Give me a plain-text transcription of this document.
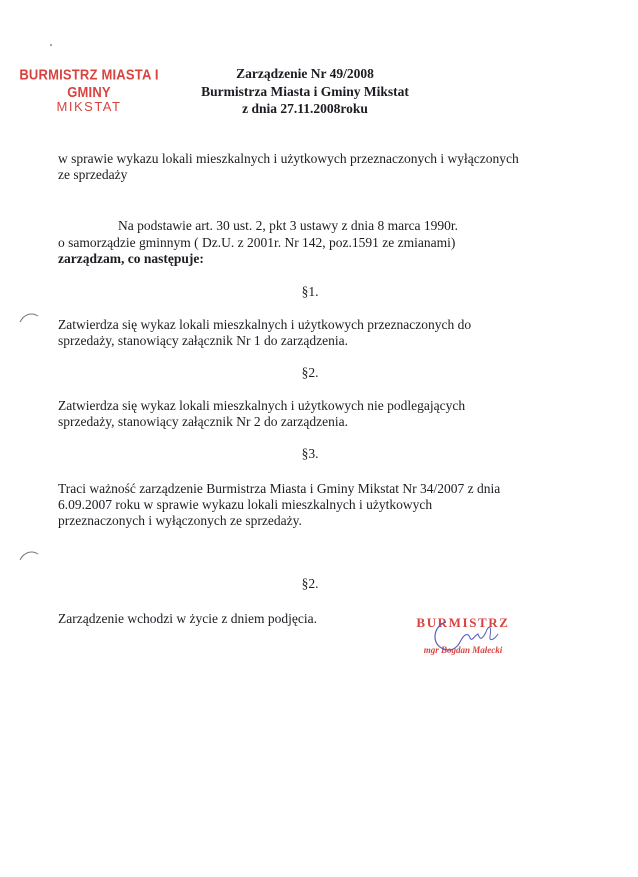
BURMISTRZ MIASTA I GMINY
MIKSTAT
Zarządzenie Nr 49/2008
Burmistrza Miasta i Gminy Mikstat
z dnia 27.11.2008roku
w sprawie wykazu lokali mieszkalnych i użytkowych przeznaczonych i wyłączonych
ze sprzedaży
Na podstawie art. 30 ust. 2, pkt 3 ustawy z dnia 8 marca 1990r.
o samorządzie gminnym ( Dz.U. z 2001r. Nr 142, poz.1591 ze zmianami)
zarządzam, co następuje:
§1.
Zatwierdza się wykaz lokali mieszkalnych i użytkowych przeznaczonych do
sprzedaży, stanowiący załącznik Nr 1 do zarządzenia.
§2.
Zatwierdza się wykaz lokali mieszkalnych i użytkowych nie podlegających
sprzedaży, stanowiący załącznik Nr 2 do zarządzenia.
§3.
Traci ważność zarządzenie Burmistrza Miasta i Gminy Mikstat Nr 34/2007 z dnia
6.09.2007 roku w sprawie wykazu lokali mieszkalnych i użytkowych
przeznaczonych i wyłączonych ze sprzedaży.
§2.
Zarządzenie wchodzi w życie z dniem podjęcia.	BURMISTRZ
mgr Bogdan Małecki
